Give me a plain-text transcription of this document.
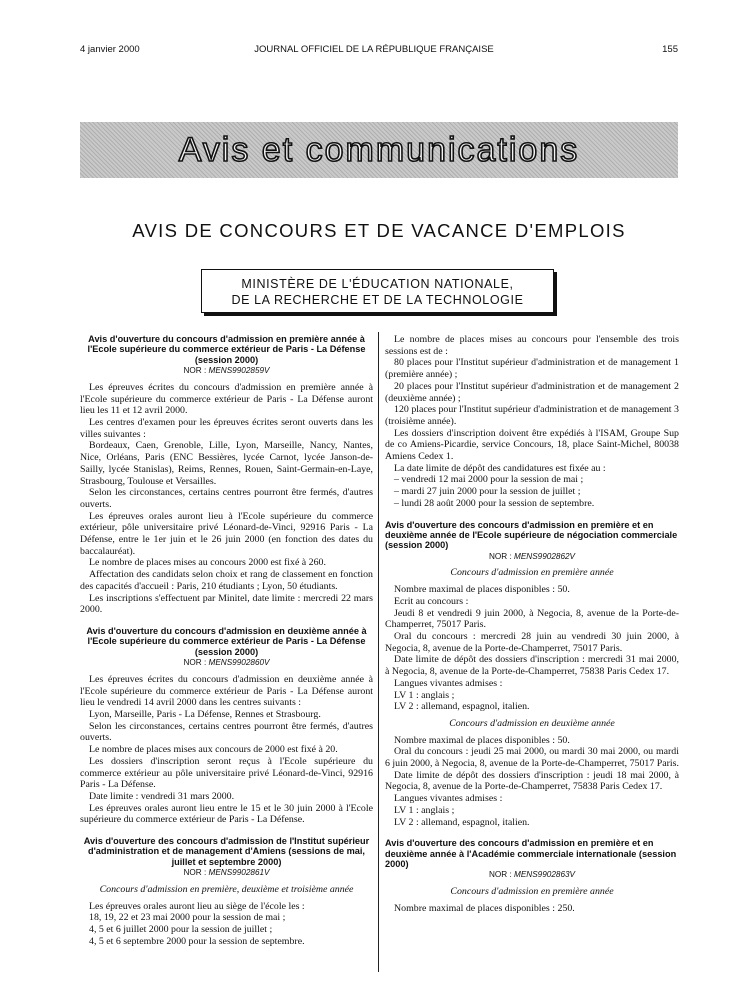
JOURNAL OFFICIEL DE LA RÉPUBLIQUE FRANÇAISE
4 janvier 2000	155
Avis et communications
AVIS DE CONCOURS ET DE VACANCE D'EMPLOIS
MINISTÈRE DE L'ÉDUCATION NATIONALE,
DE LA RECHERCHE ET DE LA TECHNOLOGIE

Avis d'ouverture du concours d'admission en première année à l'Ecole supérieure du commerce extérieur de Paris - La Défense (session 2000)

NOR : MENS9902859V

Les épreuves écrites du concours d'admission en première année à l'Ecole supérieure du commerce extérieur de Paris - La Défense auront lieu les 11 et 12 avril 2000.

Les centres d'examen pour les épreuves écrites seront ouverts dans les villes suivantes :

Bordeaux, Caen, Grenoble, Lille, Lyon, Marseille, Nancy, Nantes, Nice, Orléans, Paris (ENC Bessières, lycée Carnot, lycée Janson-de-Sailly, lycée Stanislas), Reims, Rennes, Rouen, Saint-Germain-en-Laye, Strasbourg, Toulouse et Versailles.

Selon les circonstances, certains centres pourront être fermés, d'autres ouverts.

Les épreuves orales auront lieu à l'Ecole supérieure du commerce extérieur, pôle universitaire privé Léonard-de-Vinci, 92916 Paris - La Défense, entre le 1er juin et le 26 juin 2000 (en fonction des dates du baccalauréat).

Le nombre de places mises au concours 2000 est fixé à 260.

Affectation des candidats selon choix et rang de classement en fonction des capacités d'accueil : Paris, 210 étudiants ; Lyon, 50 étudiants.

Les inscriptions s'effectuent par Minitel, date limite : mercredi 22 mars 2000.

Avis d'ouverture du concours d'admission en deuxième année à l'Ecole supérieure du commerce extérieur de Paris - La Défense (session 2000)

NOR : MENS9902860V

Les épreuves écrites du concours d'admission en deuxième année à l'Ecole supérieure du commerce extérieur de Paris - La Défense auront lieu le vendredi 14 avril 2000 dans les centres suivants :

Lyon, Marseille, Paris - La Défense, Rennes et Strasbourg.

Selon les circonstances, certains centres pourront être fermés, d'autres ouverts.

Le nombre de places mises aux concours de 2000 est fixé à 20.

Les dossiers d'inscription seront reçus à l'Ecole supérieure du commerce extérieur au pôle universitaire privé Léonard-de-Vinci, 92916 Paris - La Défense.

Date limite : vendredi 31 mars 2000.

Les épreuves orales auront lieu entre le 15 et le 30 juin 2000 à l'Ecole supérieure du commerce extérieur de Paris - La Défense.

Avis d'ouverture des concours d'admission de l'Institut supérieur d'administration et de management d'Amiens (sessions de mai, juillet et septembre 2000)

NOR : MENS9902861V

Concours d'admission en première, deuxième et troisième année

Les épreuves orales auront lieu au siège de l'école les :

18, 19, 22 et 23 mai 2000 pour la session de mai ;

4, 5 et 6 juillet 2000 pour la session de juillet ;

4, 5 et 6 septembre 2000 pour la session de septembre.

Le nombre de places mises au concours pour l'ensemble des trois sessions est de :

80 places pour l'Institut supérieur d'administration et de management 1 (première année) ;

20 places pour l'Institut supérieur d'administration et de management 2 (deuxième année) ;

120 places pour l'Institut supérieur d'administration et de management 3 (troisième année).

Les dossiers d'inscription doivent être expédiés à l'ISAM, Groupe Sup de co Amiens-Picardie, service Concours, 18, place Saint-Michel, 80038 Amiens Cedex 1.

La date limite de dépôt des candidatures est fixée au :

– vendredi 12 mai 2000 pour la session de mai ;

– mardi 27 juin 2000 pour la session de juillet ;

– lundi 28 août 2000 pour la session de septembre.

Avis d'ouverture des concours d'admission en première et en deuxième année de l'Ecole supérieure de négociation commerciale (session 2000)

NOR : MENS9902862V

Concours d'admission en première année

Nombre maximal de places disponibles : 50.

Ecrit au concours :

Jeudi 8 et vendredi 9 juin 2000, à Negocia, 8, avenue de la Porte-de-Champerret, 75017 Paris.

Oral du concours : mercredi 28 juin au vendredi 30 juin 2000, à Negocia, 8, avenue de la Porte-de-Champerret, 75017 Paris.

Date limite de dépôt des dossiers d'inscription : mercredi 31 mai 2000, à Negocia, 8, avenue de la Porte-de-Champerret, 75838 Paris Cedex 17.

Langues vivantes admises :

LV 1 : anglais ;

LV 2 : allemand, espagnol, italien.

Concours d'admission en deuxième année

Nombre maximal de places disponibles : 50.

Oral du concours : jeudi 25 mai 2000, ou mardi 30 mai 2000, ou mardi 6 juin 2000, à Negocia, 8, avenue de la Porte-de-Champerret, 75017 Paris.

Date limite de dépôt des dossiers d'inscription : jeudi 18 mai 2000, à Negocia, 8, avenue de la Porte-de-Champerret, 75838 Paris Cedex 17.

Langues vivantes admises :

LV 1 : anglais ;

LV 2 : allemand, espagnol, italien.

Avis d'ouverture des concours d'admission en première et en deuxième année à l'Académie commerciale internationale (session 2000)

NOR : MENS9902863V

Concours d'admission en première année

Nombre maximal de places disponibles : 250.
